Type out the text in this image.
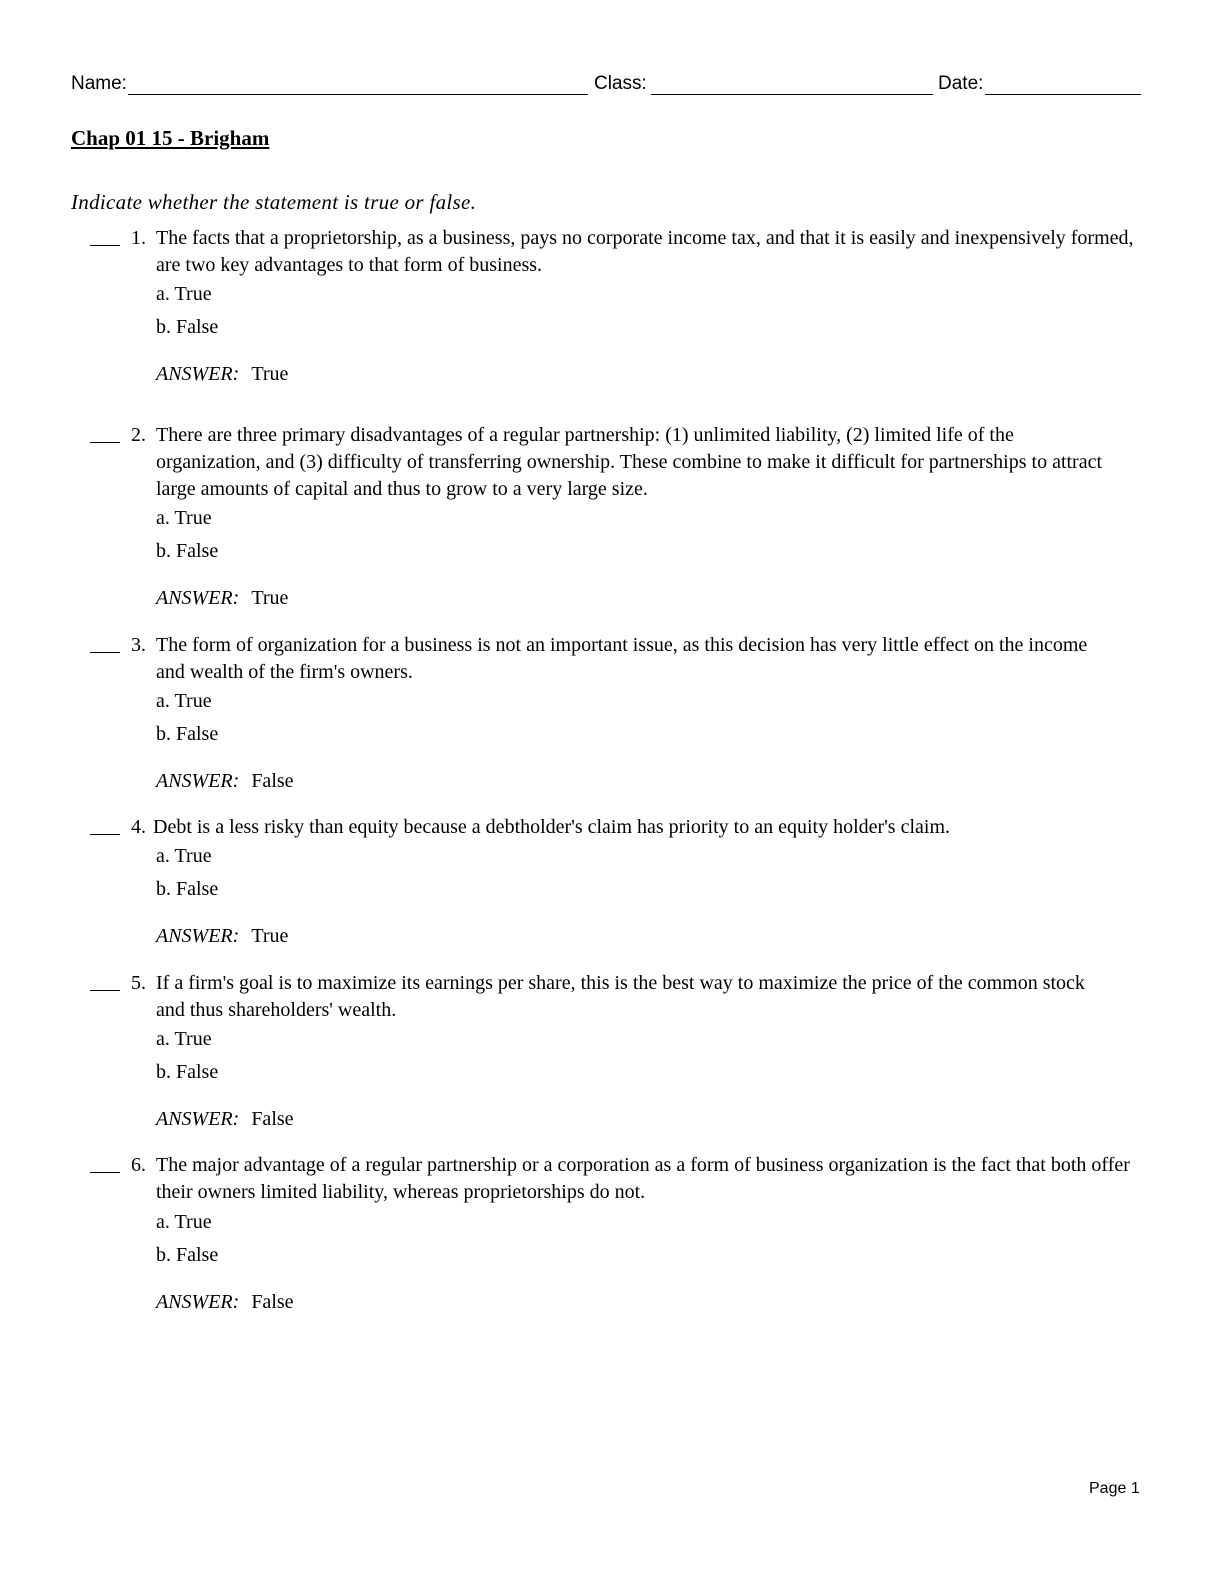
Name:	Class:	Date:
Chap 01 15 - Brigham
Indicate whether the statement is true or false.
1. The facts that a proprietorship, as a business, pays no corporate income tax, and that it is easily and inexpensively formed, are two key advantages to that form of business.

a. True
b. False
ANSWER: True
2. There are three primary disadvantages of a regular partnership: (1) unlimited liability, (2) limited life of the organization, and (3) difficulty of transferring ownership. These combine to make it difficult for partnerships to attract large amounts of capital and thus to grow to a very large size.

a. True
b. False
ANSWER: True
3. The form of organization for a business is not an important issue, as this decision has very little effect on the income and wealth of the firm's owners.

a. True
b. False
ANSWER: False
4. Debt is a less risky than equity because a debtholder's claim has priority to an equity holder's claim.

a. True
b. False
ANSWER: True
5. If a firm's goal is to maximize its earnings per share, this is the best way to maximize the price of the common stock and thus shareholders' wealth.

a. True
b. False
ANSWER: False
6. The major advantage of a regular partnership or a corporation as a form of business organization is the fact that both offer their owners limited liability, whereas proprietorships do not.

a. True
b. False
ANSWER: False
Page 1
